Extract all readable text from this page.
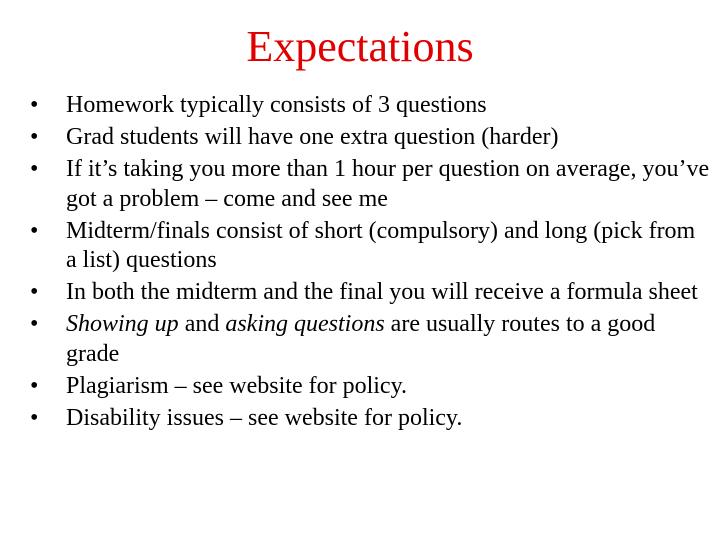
Expectations
•	Homework typically consists of 3 questions
•	Grad students will have one extra question (harder)
•	If it’s taking you more than 1 hour per question on average, you’ve got a problem – come and see me
•	Midterm/finals consist of short (compulsory) and long (pick from a list) questions
•	In both the midterm and the final you will receive a formula sheet
•	Showing up and asking questions are usually routes to a good grade
•	Plagiarism – see website for policy.
•	Disability issues – see website for policy.
